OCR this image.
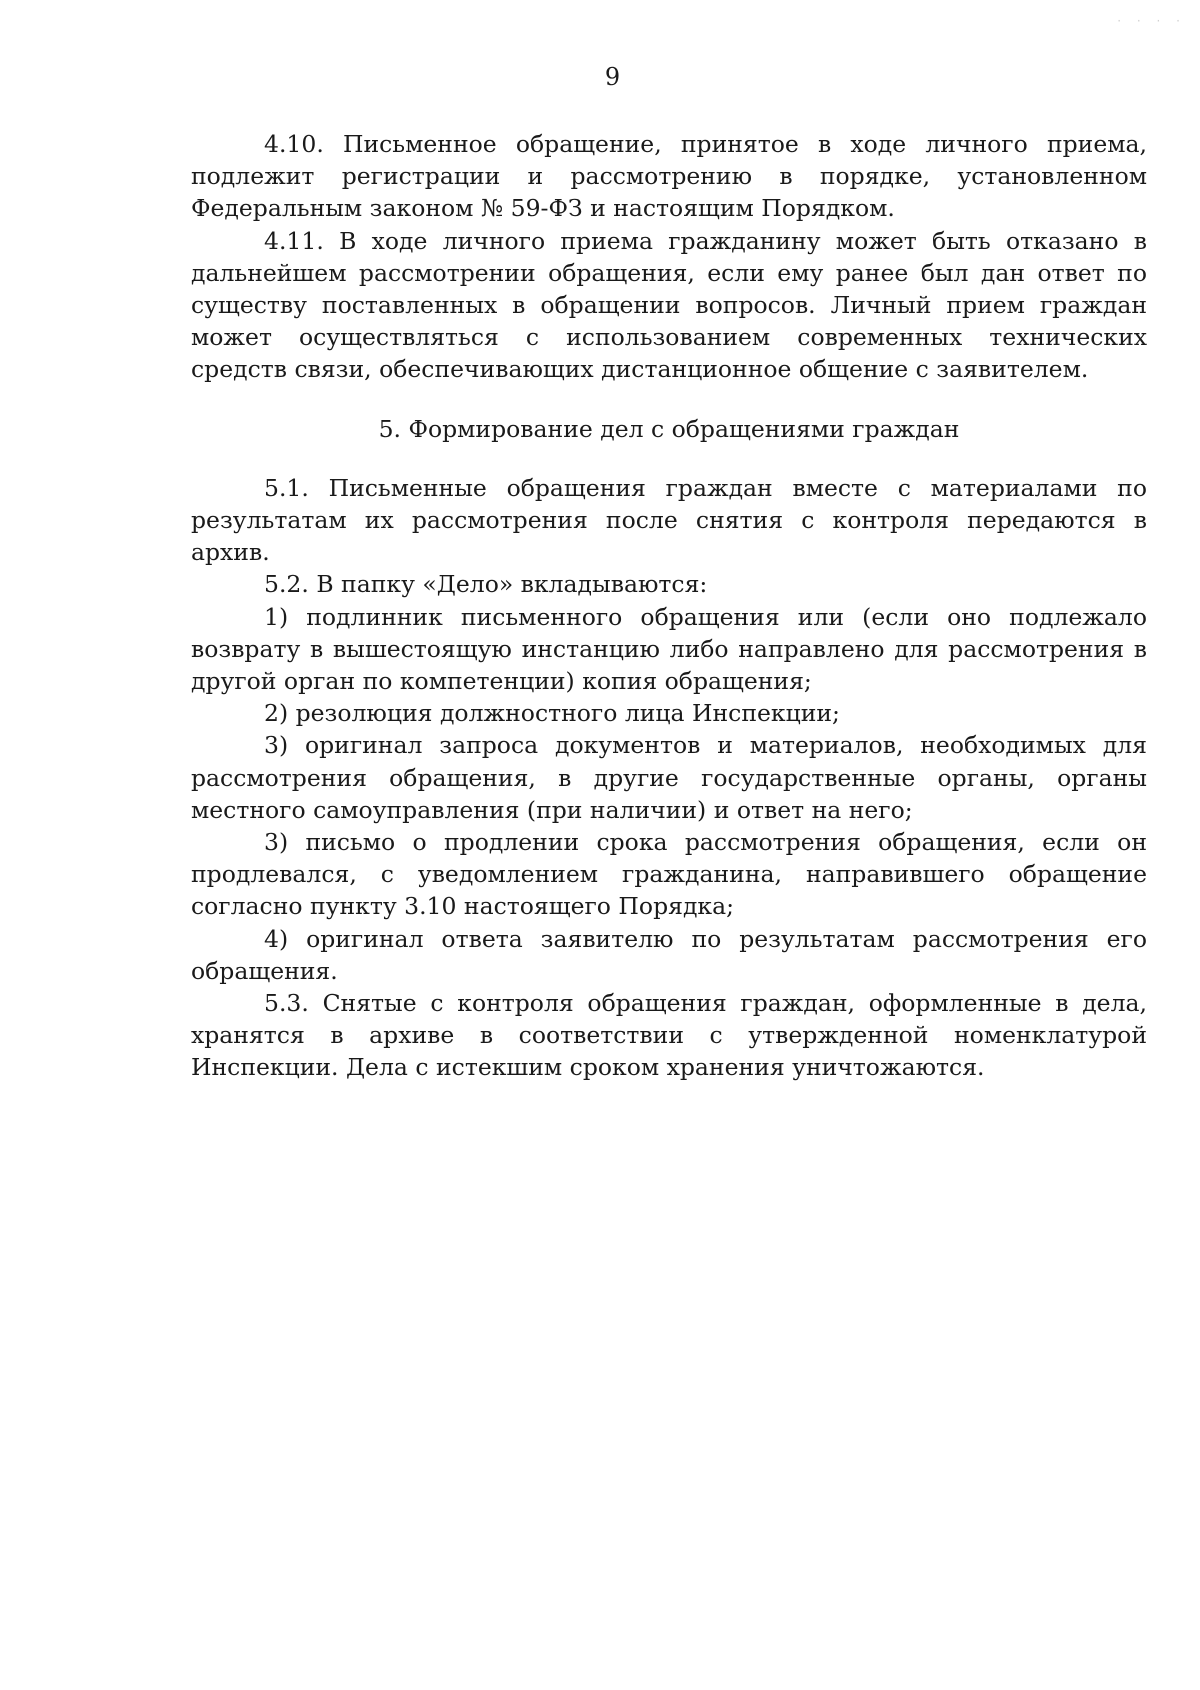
· · · ·
9

4.10. Письменное обращение, принятое в ходе личного приема, подлежит регистрации и рассмотрению в порядке, установленном Федеральным законом № 59-ФЗ и настоящим Порядком.

4.11. В ходе личного приема гражданину может быть отказано в дальнейшем рассмотрении обращения, если ему ранее был дан ответ по существу поставленных в обращении вопросов. Личный прием граждан может осуществляться с использованием современных технических средств связи, обеспечивающих дистанционное общение с заявителем.

5. Формирование дел с обращениями граждан

5.1. Письменные обращения граждан вместе с материалами по результатам их рассмотрения после снятия с контроля передаются в архив.

5.2. В папку «Дело» вкладываются:

1) подлинник письменного обращения или (если оно подлежало возврату в вышестоящую инстанцию либо направлено для рассмотрения в другой орган по компетенции) копия обращения;

2) резолюция должностного лица Инспекции;

3) оригинал запроса документов и материалов, необходимых для рассмотрения обращения, в другие государственные органы, органы местного самоуправления (при наличии) и ответ на него;

3) письмо о продлении срока рассмотрения обращения, если он продлевался, с уведомлением гражданина, направившего обращение согласно пункту 3.10 настоящего Порядка;

4) оригинал ответа заявителю по результатам рассмотрения его обращения.

5.3. Снятые с контроля обращения граждан, оформленные в дела, хранятся в архиве в соответствии с утвержденной номенклатурой Инспекции. Дела с истекшим сроком хранения уничтожаются.
